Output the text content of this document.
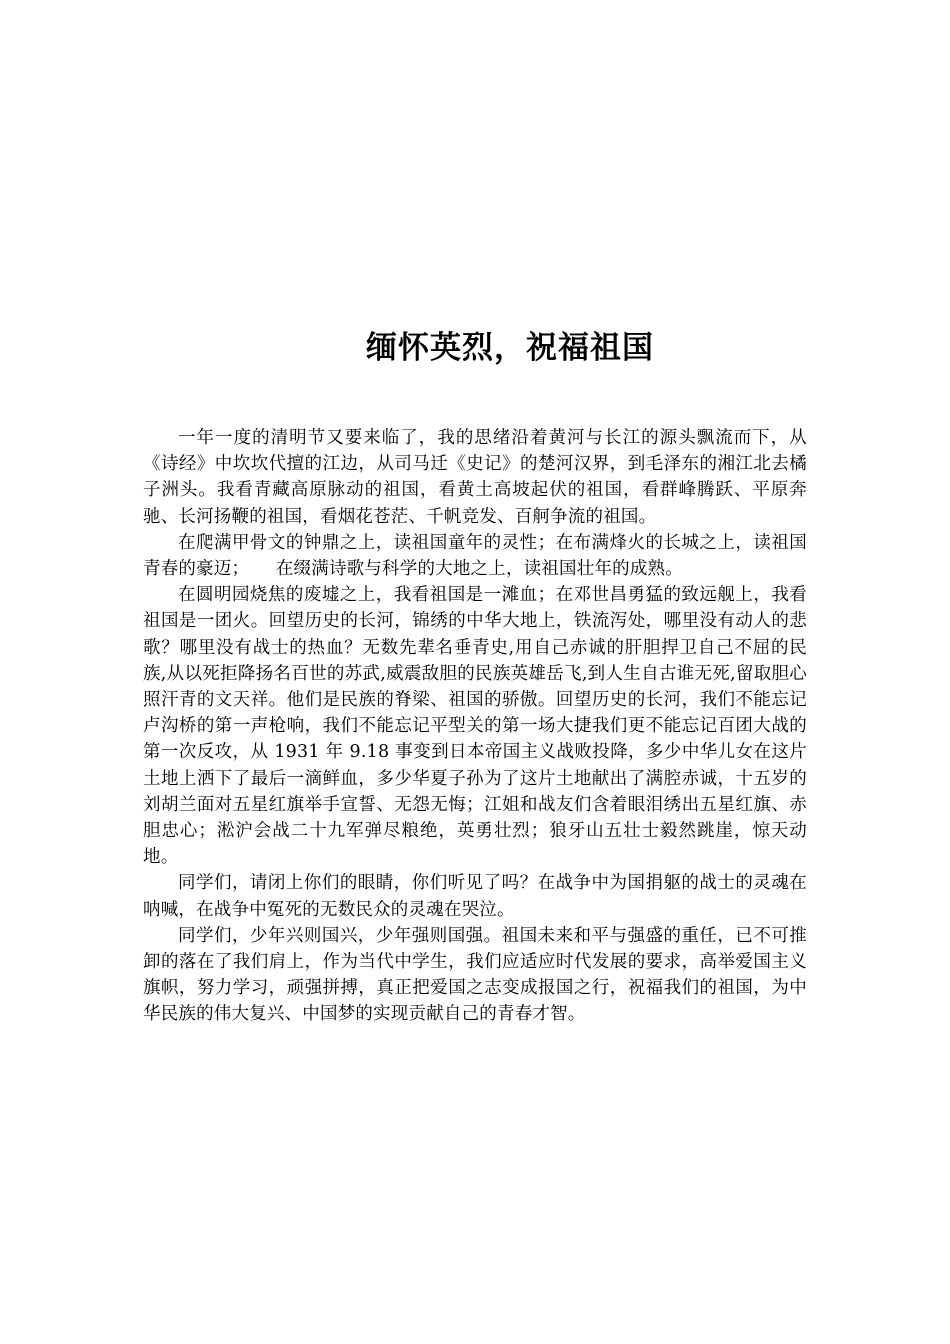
缅怀英烈，祝福祖国

一年一度的清明节又要来临了，我的思绪沿着黄河与长江的源头飘流而下，从《诗经》中坎坎代擅的江边，从司马迁《史记》的楚河汉界，到毛泽东的湘江北去橘子洲头。我看青藏高原脉动的祖国，看黄土高坡起伏的祖国，看群峰腾跃、平原奔驰、长河扬鞭的祖国，看烟花苍茫、千帆竞发、百舸争流的祖国。

在爬满甲骨文的钟鼎之上，读祖国童年的灵性；在布满烽火的长城之上，读祖国青春的豪迈；　　在缀满诗歌与科学的大地之上，读祖国壮年的成熟。

在圆明园烧焦的废墟之上，我看祖国是一滩血；在邓世昌勇猛的致远舰上，我看祖国是一团火。回望历史的长河，锦绣的中华大地上，铁流泻处，哪里没有动人的悲歌？哪里没有战士的热血？无数先辈名垂青史,用自己赤诚的肝胆捍卫自己不屈的民族,从以死拒降扬名百世的苏武,威震敌胆的民族英雄岳飞,到人生自古谁无死,留取胆心照汗青的文天祥。他们是民族的脊梁、祖国的骄傲。回望历史的长河，我们不能忘记卢沟桥的第一声枪响，我们不能忘记平型关的第一场大捷我们更不能忘记百团大战的第一次反攻，从 1931 年 9.18 事变到日本帝国主义战败投降，多少中华儿女在这片土地上洒下了最后一滴鲜血，多少华夏子孙为了这片土地献出了满腔赤诚，十五岁的刘胡兰面对五星红旗举手宣誓、无怨无悔；江姐和战友们含着眼泪绣出五星红旗、赤胆忠心；淞沪会战二十九军弹尽粮绝，英勇壮烈；狼牙山五壮士毅然跳崖，惊天动地。

同学们，请闭上你们的眼睛，你们听见了吗？在战争中为国捐躯的战士的灵魂在呐喊，在战争中冤死的无数民众的灵魂在哭泣。

同学们，少年兴则国兴，少年强则国强。祖国未来和平与强盛的重任，已不可推卸的落在了我们肩上，作为当代中学生，我们应适应时代发展的要求，高举爱国主义旗帜，努力学习，顽强拼搏，真正把爱国之志变成报国之行，祝福我们的祖国，为中华民族的伟大复兴、中国梦的实现贡献自己的青春才智。
